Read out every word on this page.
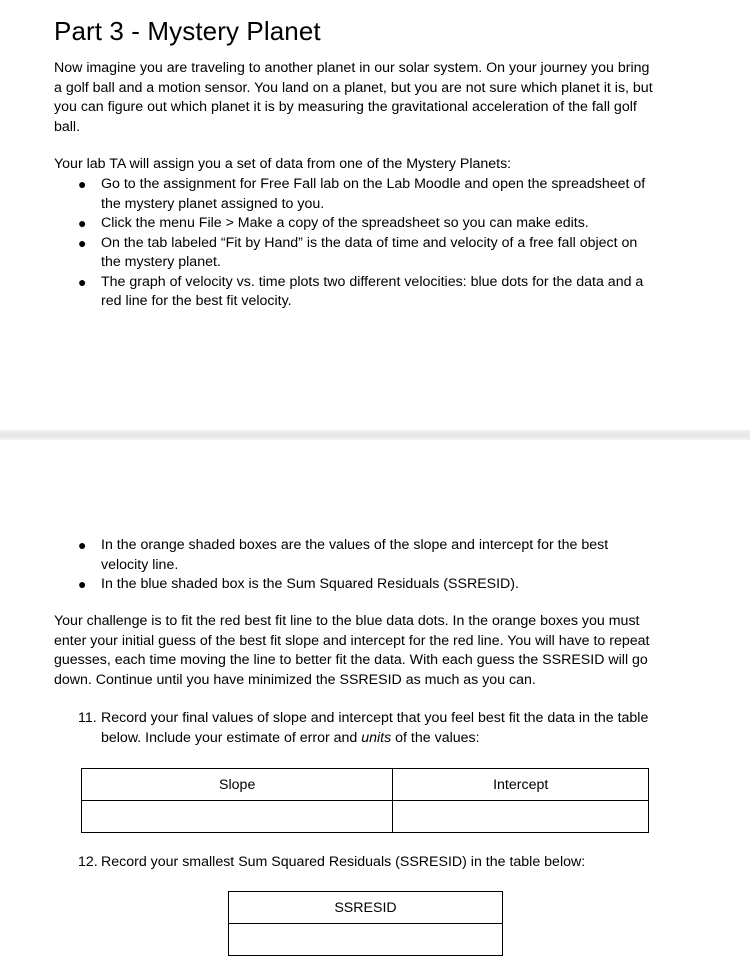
Part 3 - Mystery Planet
Now imagine you are traveling to another planet in our solar system. On your journey you bring
a golf ball and a motion sensor. You land on a planet, but you are not sure which planet it is, but
you can figure out which planet it is by measuring the gravitational acceleration of the fall golf
ball.
Your lab TA will assign you a set of data from one of the Mystery Planets:
● Go to the assignment for Free Fall lab on the Lab Moodle and open the spreadsheet of
the mystery planet assigned to you.
● Click the menu File > Make a copy of the spreadsheet so you can make edits.
● On the tab labeled “Fit by Hand” is the data of time and velocity of a free fall object on
the mystery planet.
● The graph of velocity vs. time plots two different velocities: blue dots for the data and a
red line for the best fit velocity.
● In the orange shaded boxes are the values of the slope and intercept for the best
velocity line.
● In the blue shaded box is the Sum Squared Residuals (SSRESID).
Your challenge is to fit the red best fit line to the blue data dots. In the orange boxes you must
enter your initial guess of the best fit slope and intercept for the red line. You will have to repeat
guesses, each time moving the line to better fit the data. With each guess the SSRESID will go
down. Continue until you have minimized the SSRESID as much as you can.
11. Record your final values of slope and intercept that you feel best fit the data in the table
below. Include your estimate of error and units of the values:
Slope	Intercept

12. Record your smallest Sum Squared Residuals (SSRESID) in the table below:
SSRESID
